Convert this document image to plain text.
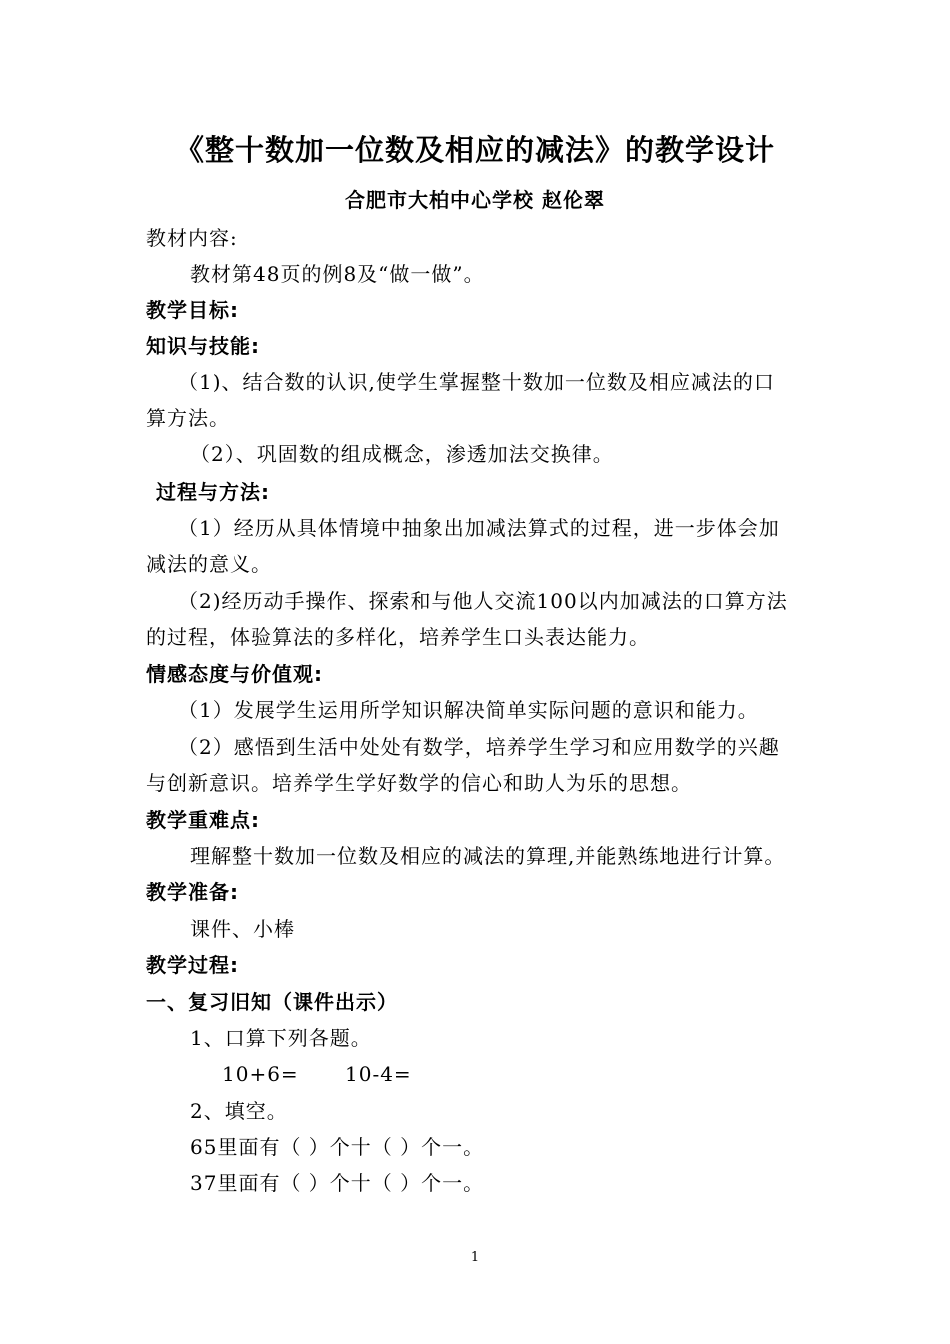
《整十数加一位数及相应的减法》的教学设计
合肥市大柏中心学校 赵伦翠
教材内容:
教材第48页的例8及“做一做”。
教学目标:
知识与技能:
（1)、结合数的认识,使学生掌握整十数加一位数及相应减法的口
算方法。
（2）、巩固数的组成概念，渗透加法交换律。
过程与方法:
（1）经历从具体情境中抽象出加减法算式的过程，进一步体会加
减法的意义。
（2)经历动手操作、探索和与他人交流100以内加减法的口算方法
的过程，体验算法的多样化，培养学生口头表达能力。
情感态度与价值观:
（1）发展学生运用所学知识解决简单实际问题的意识和能力。
（2）感悟到生活中处处有数学，培养学生学习和应用数学的兴趣
与创新意识。培养学生学好数学的信心和助人为乐的思想。
教学重难点:
理解整十数加一位数及相应的减法的算理,并能熟练地进行计算。
教学准备:
课件、小棒
教学过程:
一、复习旧知（课件出示）
1、口算下列各题。
10+6= 10-4=
2、填空。
65里面有（ ）个十（ ）个一。
37里面有（ ）个十（ ）个一。
1
